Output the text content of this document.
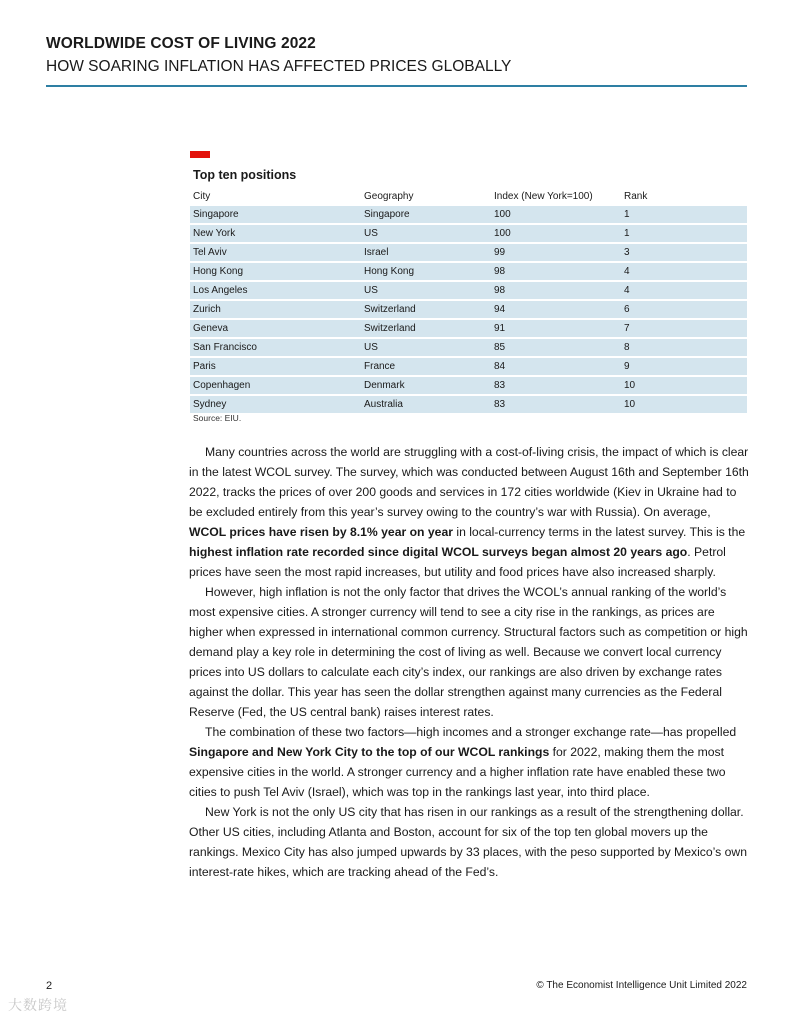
WORLDWIDE COST OF LIVING 2022
HOW SOARING INFLATION HAS AFFECTED PRICES GLOBALLY
Top ten positions
City	Geography	Index (New York=100)	Rank
Singapore	Singapore	100	1
New York	US	100	1
Tel Aviv	Israel	99	3
Hong Kong	Hong Kong	98	4
Los Angeles	US	98	4
Zurich	Switzerland	94	6
Geneva	Switzerland	91	7
San Francisco	US	85	8
Paris	France	84	9
Copenhagen	Denmark	83	10
Sydney	Australia	83	10
Source: EIU.

Many countries across the world are struggling with a cost-of-living crisis, the impact of which is clear in the latest WCOL survey. The survey, which was conducted between August 16th and September 16th 2022, tracks the prices of over 200 goods and services in 172 cities worldwide (Kiev in Ukraine had to be excluded entirely from this year’s survey owing to the country’s war with Russia). On average, WCOL prices have risen by 8.1% year on year in local-currency terms in the latest survey. This is the highest inflation rate recorded since digital WCOL surveys began almost 20 years ago. Petrol prices have seen the most rapid increases, but utility and food prices have also increased sharply.

However, high inflation is not the only factor that drives the WCOL’s annual ranking of the world’s most expensive cities. A stronger currency will tend to see a city rise in the rankings, as prices are higher when expressed in international common currency. Structural factors such as competition or high demand play a key role in determining the cost of living as well. Because we convert local currency prices into US dollars to calculate each city’s index, our rankings are also driven by exchange rates against the dollar. This year has seen the dollar strengthen against many currencies as the Federal Reserve (Fed, the US central bank) raises interest rates.

The combination of these two factors—high incomes and a stronger exchange rate—has propelled Singapore and New York City to the top of our WCOL rankings for 2022, making them the most expensive cities in the world. A stronger currency and a higher inflation rate have enabled these two cities to push Tel Aviv (Israel), which was top in the rankings last year, into third place.

New York is not the only US city that has risen in our rankings as a result of the strengthening dollar. Other US cities, including Atlanta and Boston, account for six of the top ten global movers up the rankings. Mexico City has also jumped upwards by 33 places, with the peso supported by Mexico’s own interest-rate hikes, which are tracking ahead of the Fed’s.

2	© The Economist Intelligence Unit Limited 2022
大数跨境
